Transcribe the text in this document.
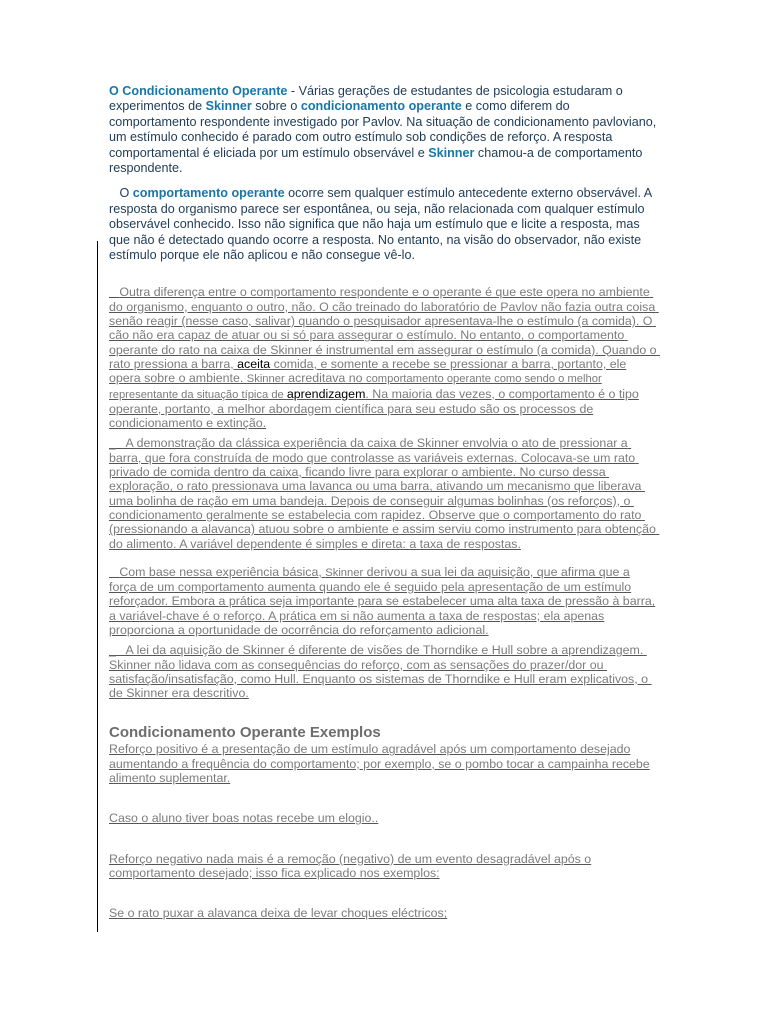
O Condicionamento Operante - Várias gerações de estudantes de psicologia estudaram o experimentos de Skinner sobre o condicionamento operante e como diferem do comportamento respondente investigado por Pavlov. Na situação de condicionamento pavloviano, um estímulo conhecido é parado com outro estímulo sob condições de reforço. A resposta comportamental é eliciada por um estímulo observável e Skinner chamou-a de comportamento respondente.

O comportamento operante ocorre sem qualquer estímulo antecedente externo observável. A resposta do organismo parece ser espontânea, ou seja, não relacionada com qualquer estímulo observável conhecido. Isso não significa que não haja um estímulo que e licite a resposta, mas que não é detectado quando ocorre a resposta. No entanto, na visão do observador, não existe estímulo porque ele não aplicou e não consegue vê-lo.

Outra diferença entre o comportamento respondente e o operante é que este opera no ambiente do organismo, enquanto o outro, não. O cão treinado do laboratório de Pavlov não fazia outra coisa senão reagir (nesse caso, salivar) quando o pesquisador apresentava-lhe o estímulo (a comida). O cão não era capaz de atuar ou si só para assegurar o estímulo. No entanto, o comportamento operante do rato na caixa de Skinner é instrumental em assegurar o estímulo (a comida). Quando o rato pressiona a barra, aceita comida, e somente a recebe se pressionar a barra, portanto, ele opera sobre o ambiente. Skinner acreditava no comportamento operante como sendo o melhor representante da situação típica de aprendizagem. Na maioria das vezes, o comportamento é o tipo operante, portanto, a melhor abordagem científica para seu estudo são os processos de condicionamento e extinção.

_   A demonstração da clássica experiência da caixa de Skinner envolvia o ato de pressionar a barra, que fora construída de modo que controlasse as variáveis externas. Colocava-se um rato privado de comida dentro da caixa, ficando livre para explorar o ambiente. No curso dessa exploração, o rato pressionava uma lavanca ou uma barra, ativando um mecanismo que liberava uma bolinha de ração em uma bandeja. Depois de conseguir algumas bolinhas (os reforços), o condicionamento geralmente se estabelecia com rapidez. Observe que o comportamento do rato (pressionando a alavanca) atuou sobre o ambiente e assim serviu como instrumento para obtenção do alimento. A variável dependente é simples e direta: a taxa de respostas.

Com base nessa experiência básica, Skinner derivou a sua lei da aquisição, que afirma que a força de um comportamento aumenta quando ele é seguido pela apresentação de um estímulo reforçador. Embora a prática seja importante para se estabelecer uma alta taxa de pressão à barra, a variável-chave é o reforço. A prática em si não aumenta a taxa de respostas; ela apenas proporciona a oportunidade de ocorrência do reforçamento adicional.

_   A lei da aquisição de Skinner é diferente de visões de Thorndike e Hull sobre a aprendizagem. Skinner não lidava com as consequências do reforço, com as sensações do prazer/dor ou satisfação/insatisfação, como Hull. Enquanto os sistemas de Thorndike e Hull eram explicativos, o de Skinner era descritivo.

Condicionamento Operante Exemplos

Reforço positivo é a presentação de um estímulo agradável após um comportamento desejado aumentando a frequência do comportamento; por exemplo, se o pombo tocar a campainha recebe alimento suplementar.

Caso o aluno tiver boas notas recebe um elogio..

Reforço negativo nada mais é a remoção (negativo) de um evento desagradável após o comportamento desejado; isso fica explicado nos exemplos:

Se o rato puxar a alavanca deixa de levar choques eléctricos;
